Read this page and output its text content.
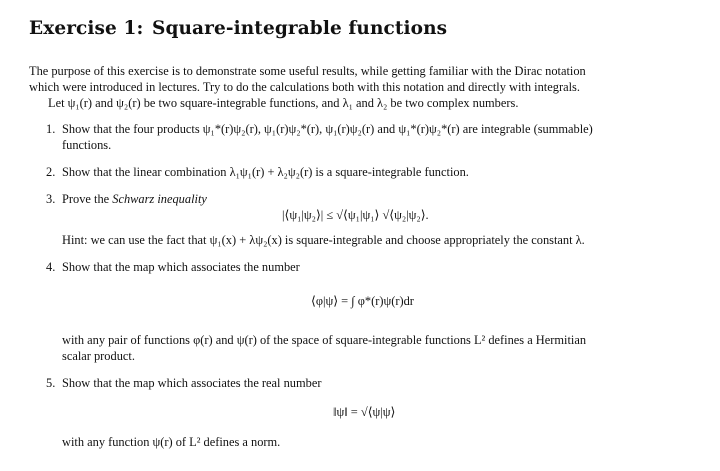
Exercise 1: Square-integrable functions
The purpose of this exercise is to demonstrate some useful results, while getting familiar with the Dirac notation
which were introduced in lectures. Try to do the calculations both with this notation and directly with integrals.
Let ψ₁(r) and ψ₂(r) be two square-integrable functions, and λ₁ and λ₂ be two complex numbers.
1. Show that the four products ψ₁*(r)ψ₂(r), ψ₁(r)ψ₂*(r), ψ₁(r)ψ₂(r) and ψ₁*(r)ψ₂*(r) are integrable (summable)
functions.
2. Show that the linear combination λ₁ψ₁(r) + λ₂ψ₂(r) is a square-integrable function.
3. Prove the Schwarz inequality
|⟨ψ₁|ψ₂⟩| ≤ √⟨ψ₁|ψ₁⟩ √⟨ψ₂|ψ₂⟩.
Hint: we can use the fact that ψ₁(x) + λψ₂(x) is square-integrable and choose appropriately the constant λ.
4. Show that the map which associates the number
⟨φ|ψ⟩ = ∫ φ*(r)ψ(r)dr
with any pair of functions φ(r) and ψ(r) of the space of square-integrable functions L² defines a Hermitian
scalar product.
5. Show that the map which associates the real number
‖ψ‖ = √⟨ψ|ψ⟩
with any function ψ(r) of L² defines a norm.
